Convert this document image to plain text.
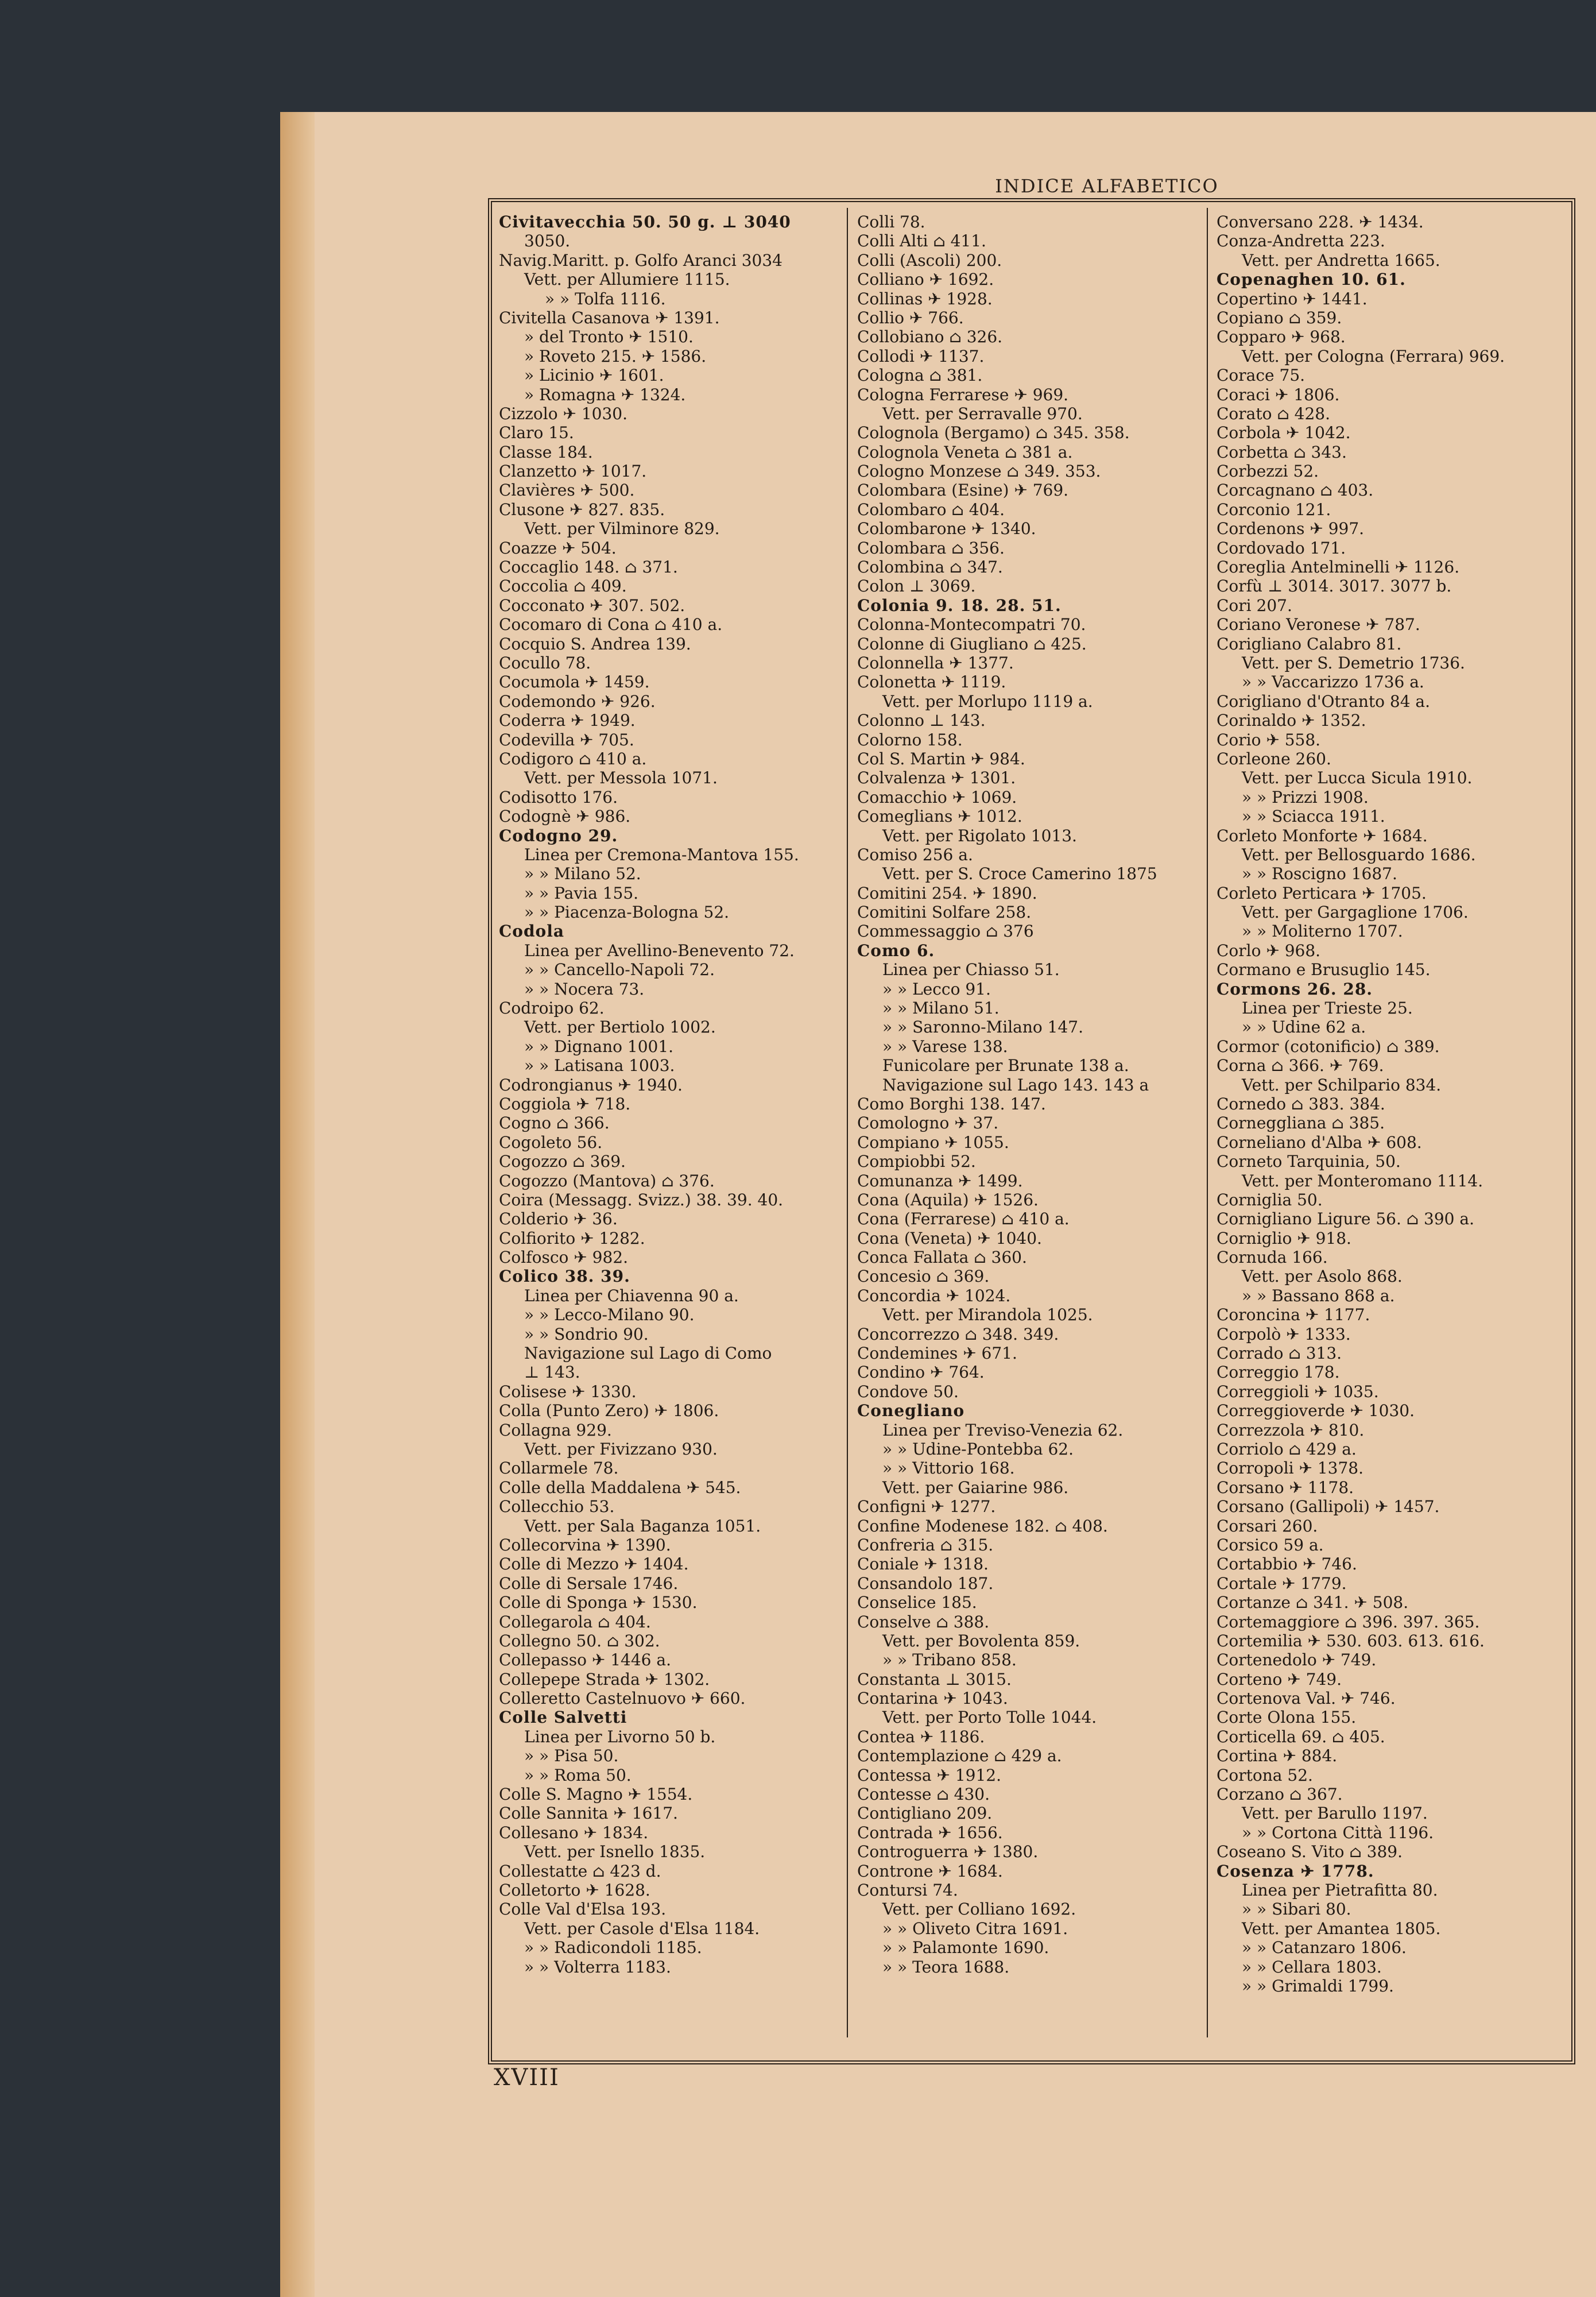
INDICE ALFABETICO
Civitavecchia 50. 50 g. ⊥ 3040
3050.
Navig.Maritt. p. Golfo Aranci 3034
Vett. per Allumiere 1115.
» » Tolfa 1116.
Civitella Casanova ✈ 1391.
» del Tronto ✈ 1510.
» Roveto 215. ✈ 1586.
» Licinio ✈ 1601.
» Romagna ✈ 1324.
Cizzolo ✈ 1030.
Claro 15.
Classe 184.
Clanzetto ✈ 1017.
Clavières ✈ 500.
Clusone ✈ 827. 835.
Vett. per Vilminore 829.
Coazze ✈ 504.
Coccaglio 148. ⌂ 371.
Coccolia ⌂ 409.
Cocconato ✈ 307. 502.
Cocomaro di Cona ⌂ 410 a.
Cocquio S. Andrea 139.
Cocullo 78.
Cocumola ✈ 1459.
Codemondo ✈ 926.
Coderra ✈ 1949.
Codevilla ✈ 705.
Codigoro ⌂ 410 a.
Vett. per Messola 1071.
Codisotto 176.
Codognè ✈ 986.
Codogno 29.
Linea per Cremona-Mantova 155.
» » Milano 52.
» » Pavia 155.
» » Piacenza-Bologna 52.
Codola
Linea per Avellino-Benevento 72.
» » Cancello-Napoli 72.
» » Nocera 73.
Codroipo 62.
Vett. per Bertiolo 1002.
» » Dignano 1001.
» » Latisana 1003.
Codrongianus ✈ 1940.
Coggiola ✈ 718.
Cogno ⌂ 366.
Cogoleto 56.
Cogozzo ⌂ 369.
Cogozzo (Mantova) ⌂ 376.
Coira (Messagg. Svizz.) 38. 39. 40.
Colderio ✈ 36.
Colfiorito ✈ 1282.
Colfosco ✈ 982.
Colico 38. 39.
Linea per Chiavenna 90 a.
» » Lecco-Milano 90.
» » Sondrio 90.
Navigazione sul Lago di Como
⊥ 143.
Colisese ✈ 1330.
Colla (Punto Zero) ✈ 1806.
Collagna 929.
Vett. per Fivizzano 930.
Collarmele 78.
Colle della Maddalena ✈ 545.
Collecchio 53.
Vett. per Sala Baganza 1051.
Collecorvina ✈ 1390.
Colle di Mezzo ✈ 1404.
Colle di Sersale 1746.
Colle di Sponga ✈ 1530.
Collegarola ⌂ 404.
Collegno 50. ⌂ 302.
Collepasso ✈ 1446 a.
Collepepe Strada ✈ 1302.
Colleretto Castelnuovo ✈ 660.
Colle Salvetti
Linea per Livorno 50 b.
» » Pisa 50.
» » Roma 50.
Colle S. Magno ✈ 1554.
Colle Sannita ✈ 1617.
Collesano ✈ 1834.
Vett. per Isnello 1835.
Collestatte ⌂ 423 d.
Colletorto ✈ 1628.
Colle Val d'Elsa 193.
Vett. per Casole d'Elsa 1184.
» » Radicondoli 1185.
» » Volterra 1183.
Colli 78.
Colli Alti ⌂ 411.
Colli (Ascoli) 200.
Colliano ✈ 1692.
Collinas ✈ 1928.
Collio ✈ 766.
Collobiano ⌂ 326.
Collodi ✈ 1137.
Cologna ⌂ 381.
Cologna Ferrarese ✈ 969.
Vett. per Serravalle 970.
Colognola (Bergamo) ⌂ 345. 358.
Colognola Veneta ⌂ 381 a.
Cologno Monzese ⌂ 349. 353.
Colombara (Esine) ✈ 769.
Colombaro ⌂ 404.
Colombarone ✈ 1340.
Colombara ⌂ 356.
Colombina ⌂ 347.
Colon ⊥ 3069.
Colonia 9. 18. 28. 51.
Colonna-Montecompatri 70.
Colonne di Giugliano ⌂ 425.
Colonnella ✈ 1377.
Colonetta ✈ 1119.
Vett. per Morlupo 1119 a.
Colonno ⊥ 143.
Colorno 158.
Col S. Martin ✈ 984.
Colvalenza ✈ 1301.
Comacchio ✈ 1069.
Comeglians ✈ 1012.
Vett. per Rigolato 1013.
Comiso 256 a.
Vett. per S. Croce Camerino 1875
Comitini 254. ✈ 1890.
Comitini Solfare 258.
Commessaggio ⌂ 376
Como 6.
Linea per Chiasso 51.
» » Lecco 91.
» » Milano 51.
» » Saronno-Milano 147.
» » Varese 138.
Funicolare per Brunate 138 a.
Navigazione sul Lago 143. 143 a
Como Borghi 138. 147.
Comologno ✈ 37.
Compiano ✈ 1055.
Compiobbi 52.
Comunanza ✈ 1499.
Cona (Aquila) ✈ 1526.
Cona (Ferrarese) ⌂ 410 a.
Cona (Veneta) ✈ 1040.
Conca Fallata ⌂ 360.
Concesio ⌂ 369.
Concordia ✈ 1024.
Vett. per Mirandola 1025.
Concorrezzo ⌂ 348. 349.
Condemines ✈ 671.
Condino ✈ 764.
Condove 50.
Conegliano
Linea per Treviso-Venezia 62.
» » Udine-Pontebba 62.
» » Vittorio 168.
Vett. per Gaiarine 986.
Configni ✈ 1277.
Confine Modenese 182. ⌂ 408.
Confreria ⌂ 315.
Coniale ✈ 1318.
Consandolo 187.
Conselice 185.
Conselve ⌂ 388.
Vett. per Bovolenta 859.
» » Tribano 858.
Constanta ⊥ 3015.
Contarina ✈ 1043.
Vett. per Porto Tolle 1044.
Contea ✈ 1186.
Contemplazione ⌂ 429 a.
Contessa ✈ 1912.
Contesse ⌂ 430.
Contigliano 209.
Contrada ✈ 1656.
Controguerra ✈ 1380.
Controne ✈ 1684.
Contursi 74.
Vett. per Colliano 1692.
» » Oliveto Citra 1691.
» » Palamonte 1690.
» » Teora 1688.
Conversano 228. ✈ 1434.
Conza-Andretta 223.
Vett. per Andretta 1665.
Copenaghen 10. 61.
Copertino ✈ 1441.
Copiano ⌂ 359.
Copparo ✈ 968.
Vett. per Cologna (Ferrara) 969.
Corace 75.
Coraci ✈ 1806.
Corato ⌂ 428.
Corbola ✈ 1042.
Corbetta ⌂ 343.
Corbezzi 52.
Corcagnano ⌂ 403.
Corconio 121.
Cordenons ✈ 997.
Cordovado 171.
Coreglia Antelminelli ✈ 1126.
Corfù ⊥ 3014. 3017. 3077 b.
Cori 207.
Coriano Veronese ✈ 787.
Corigliano Calabro 81.
Vett. per S. Demetrio 1736.
» » Vaccarizzo 1736 a.
Corigliano d'Otranto 84 a.
Corinaldo ✈ 1352.
Corio ✈ 558.
Corleone 260.
Vett. per Lucca Sicula 1910.
» » Prizzi 1908.
» » Sciacca 1911.
Corleto Monforte ✈ 1684.
Vett. per Bellosguardo 1686.
» » Roscigno 1687.
Corleto Perticara ✈ 1705.
Vett. per Gargaglione 1706.
» » Moliterno 1707.
Corlo ✈ 968.
Cormano e Brusuglio 145.
Cormons 26. 28.
Linea per Trieste 25.
» » Udine 62 a.
Cormor (cotonificio) ⌂ 389.
Corna ⌂ 366. ✈ 769.
Vett. per Schilpario 834.
Cornedo ⌂ 383. 384.
Corneggliana ⌂ 385.
Corneliano d'Alba ✈ 608.
Corneto Tarquinia, 50.
Vett. per Monteromano 1114.
Corniglia 50.
Cornigliano Ligure 56. ⌂ 390 a.
Corniglio ✈ 918.
Cornuda 166.
Vett. per Asolo 868.
» » Bassano 868 a.
Coroncina ✈ 1177.
Corpolò ✈ 1333.
Corrado ⌂ 313.
Correggio 178.
Correggioli ✈ 1035.
Correggioverde ✈ 1030.
Correzzola ✈ 810.
Corriolo ⌂ 429 a.
Corropoli ✈ 1378.
Corsano ✈ 1178.
Corsano (Gallipoli) ✈ 1457.
Corsari 260.
Corsico 59 a.
Cortabbio ✈ 746.
Cortale ✈ 1779.
Cortanze ⌂ 341. ✈ 508.
Cortemaggiore ⌂ 396. 397. 365.
Cortemilia ✈ 530. 603. 613. 616.
Cortenedolo ✈ 749.
Corteno ✈ 749.
Cortenova Val. ✈ 746.
Corte Olona 155.
Corticella 69. ⌂ 405.
Cortina ✈ 884.
Cortona 52.
Corzano ⌂ 367.
Vett. per Barullo 1197.
» » Cortona Città 1196.
Coseano S. Vito ⌂ 389.
Cosenza ✈ 1778.
Linea per Pietrafitta 80.
» » Sibari 80.
Vett. per Amantea 1805.
» » Catanzaro 1806.
» » Cellara 1803.
» » Grimaldi 1799.
XVIII
